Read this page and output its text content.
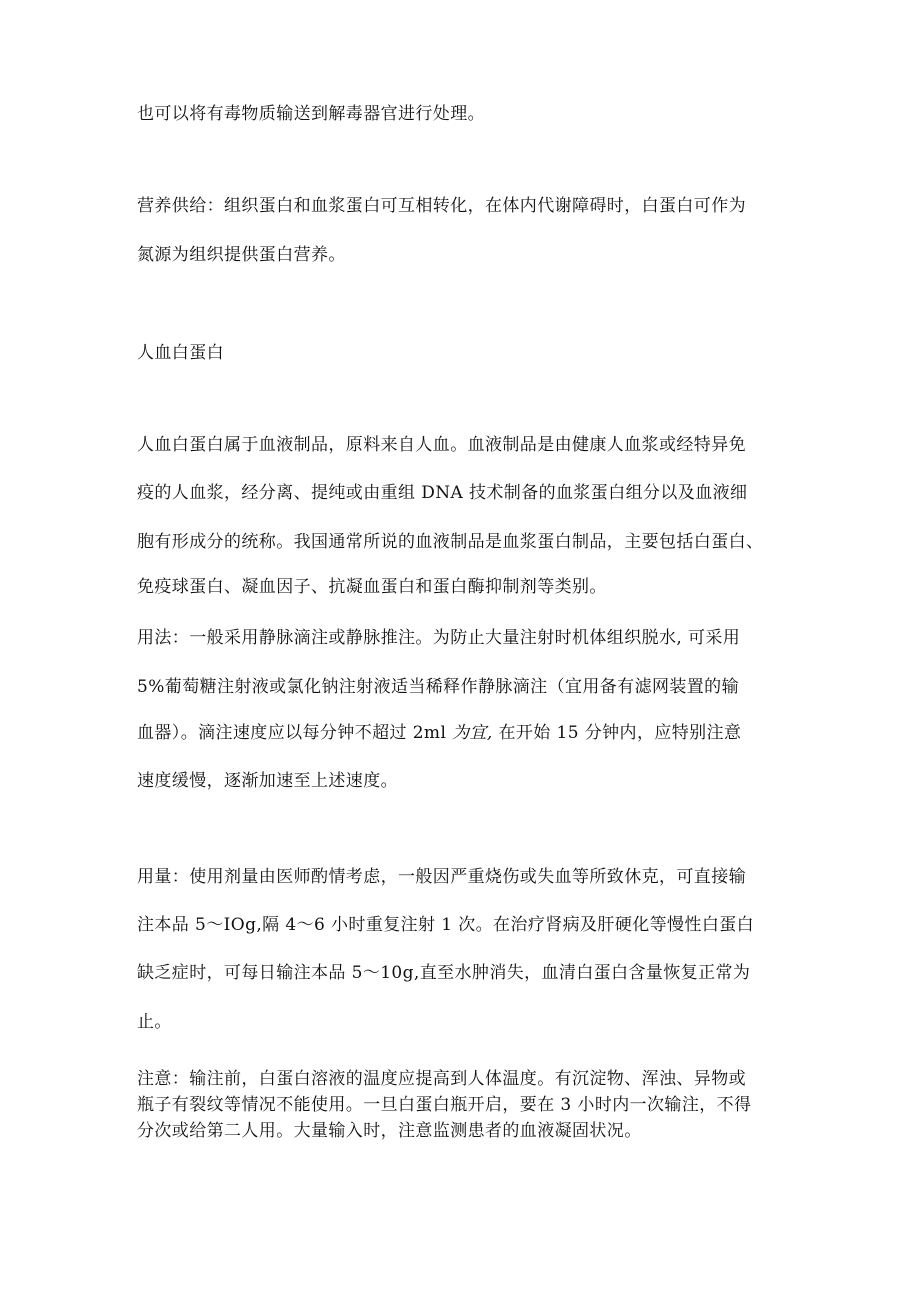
也可以将有毒物质输送到解毒器官进行处理。

营养供给：组织蛋白和血浆蛋白可互相转化，在体内代谢障碍时，白蛋白可作为

氮源为组织提供蛋白营养。

人血白蛋白

人血白蛋白属于血液制品，原料来自人血。血液制品是由健康人血浆或经特异免

疫的人血浆，经分离、提纯或由重组 DNA 技术制备的血浆蛋白组分以及血液细

胞有形成分的统称。我国通常所说的血液制品是血浆蛋白制品，主要包括白蛋白、

免疫球蛋白、凝血因子、抗凝血蛋白和蛋白酶抑制剂等类别。

用法：一般采用静脉滴注或静脉推注。为防止大量注射时机体组织脱水, 可采用

5%葡萄糖注射液或氯化钠注射液适当稀释作静脉滴注（宜用备有滤网装置的输

血器）。滴注速度应以每分钟不超过 2ml 为宜, 在开始 15 分钟内，应特别注意

速度缓慢，逐渐加速至上述速度。

用量：使用剂量由医师酌情考虑，一般因严重烧伤或失血等所致休克，可直接输

注本品 5～IOg,隔 4～6 小时重复注射 1 次。在治疗肾病及肝硬化等慢性白蛋白

缺乏症时，可每日输注本品 5～10g,直至水肿消失，血清白蛋白含量恢复正常为

止。

注意：输注前，白蛋白溶液的温度应提高到人体温度。有沉淀物、浑浊、异物或

瓶子有裂纹等情况不能使用。一旦白蛋白瓶开启，要在 3 小时内一次输注，不得

分次或给第二人用。大量输入时，注意监测患者的血液凝固状况。
